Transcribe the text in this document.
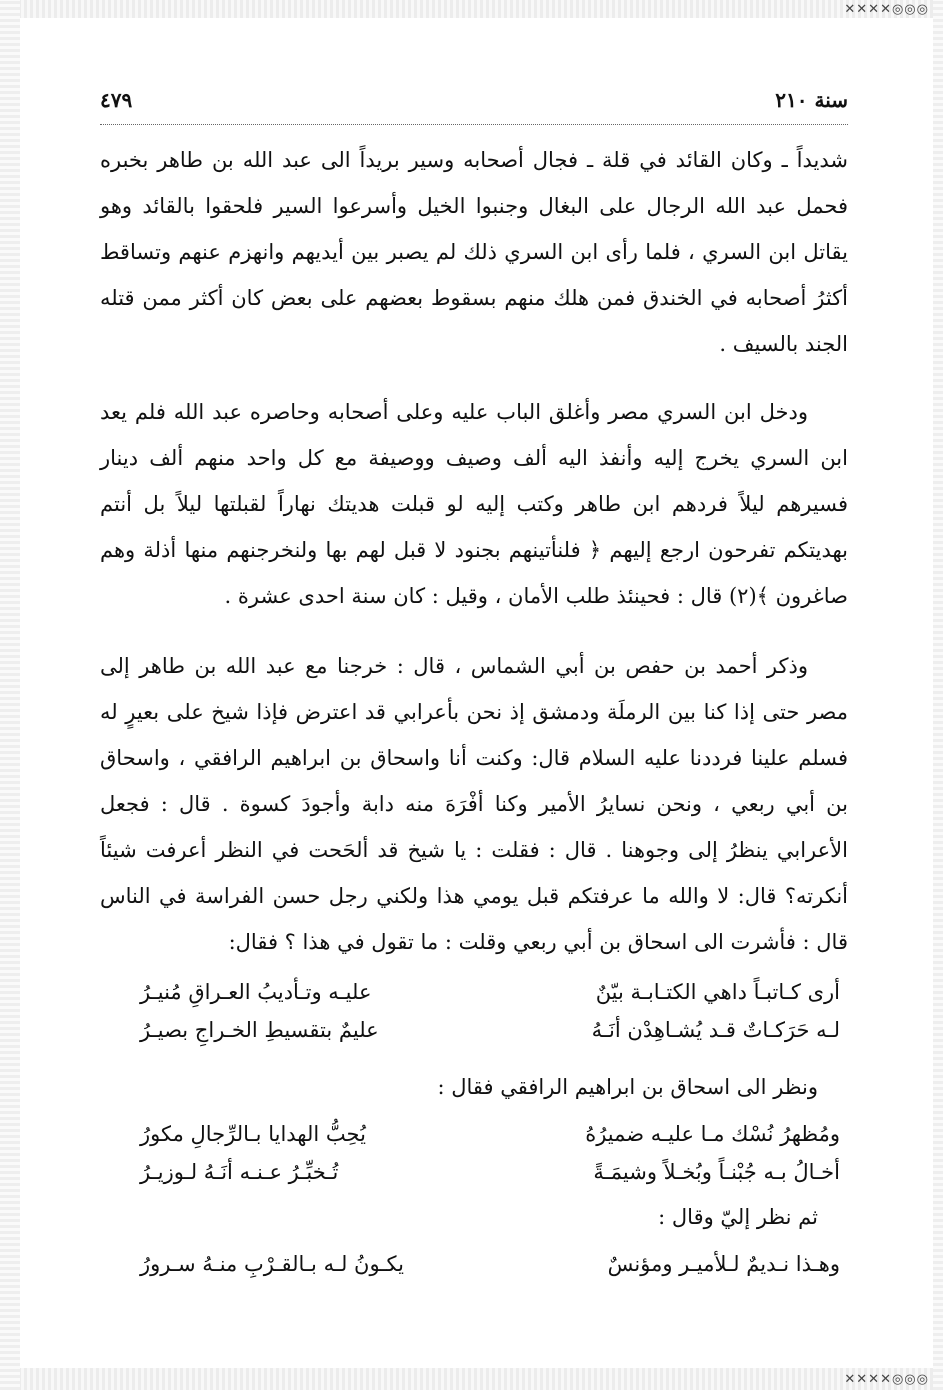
✕✕✕✕◎◎◎
✕✕✕✕◎◎◎
سنة ٢١٠
٤٧٩

شديداً ـ وكان القائد في قلة ـ فجال أصحابه وسير بريداً الى عبد الله بن طاهر بخبره فحمل عبد الله الرجال على البغال وجنبوا الخيل وأسرعوا السير فلحقوا بالقائد وهو يقاتل ابن السري ، فلما رأى ابن السري ذلك لم يصبر بين أيديهم وانهزم عنهم وتساقط أكثرُ أصحابه في الخندق فمن هلك منهم بسقوط بعضهم على بعض كان أكثر ممن قتله الجند بالسيف .

ودخل ابن السري مصر وأغلق الباب عليه وعلى أصحابه وحاصره عبد الله فلم يعد ابن السري يخرج إليه وأنفذ اليه ألف وصيف ووصيفة مع كل واحد منهم ألف دينار فسيرهم ليلاً فردهم ابن طاهر وكتب إليه لو قبلت هديتك نهاراً لقبلتها ليلاً بل أنتم بهديتكم تفرحون ارجع إليهم ﴿ فلنأتينهم بجنود لا قبل لهم بها ولنخرجنهم منها أذلة وهم صاغرون ﴾(٢) قال : فحينئذ طلب الأمان ، وقيل : كان سنة احدى عشرة .

وذكر أحمد بن حفص بن أبي الشماس ، قال : خرجنا مع عبد الله بن طاهر إلى مصر حتى إذا كنا بين الرملَة ودمشق إذ نحن بأعرابي قد اعترض فإذا شيخ على بعيرٍ له فسلم علينا فرددنا عليه السلام قال: وكنت أنا واسحاق بن ابراهيم الرافقي ، واسحاق بن أبي ربعي ، ونحن نسايرُ الأمير وكنا أفْرَهَ منه دابة وأجودَ كسوة . قال : فجعل الأعرابي ينظرُ إلى وجوهنا . قال : فقلت : يا شيخ قد ألحَحت في النظر أعرفت شيئاً أنكرته؟ قال: لا والله ما عرفتكم قبل يومي هذا ولكني رجل حسن الفراسة في الناس قال : فأشرت الى اسحاق بن أبي ربعي وقلت : ما تقول في هذا ؟ فقال:

أرى كـاتبـاً داهي الكتـابـة بيّنٌ
عليـه وتـأديبُ العـراقِ مُنيـرُ
لـه حَرَكـاتٌ قـد يُشـاهِدْن أنَـهُ
عليمٌ بتقسيطِ الخـراجِ بصيـرُ

ونظر الى اسحاق بن ابراهيم الرافقي فقال :

ومُظهرُ نُسْك مـا عليـه ضميرُهُ
يُحِبُّ الهدايا بـالرِّجالِ مكورُ
أخـالُ بـه جُبْنـاً وبُخـلاً وشيمَـةً
تُـخبِّـرُ عـنـه أنَـهُ لـوزيـرُ

ثم نظر إليّ وقال :

وهـذا نـديمٌ لـلأميـر ومؤنسٌ
يكـونُ لـه بـالقـرْبِ منـهُ سـرورُ
